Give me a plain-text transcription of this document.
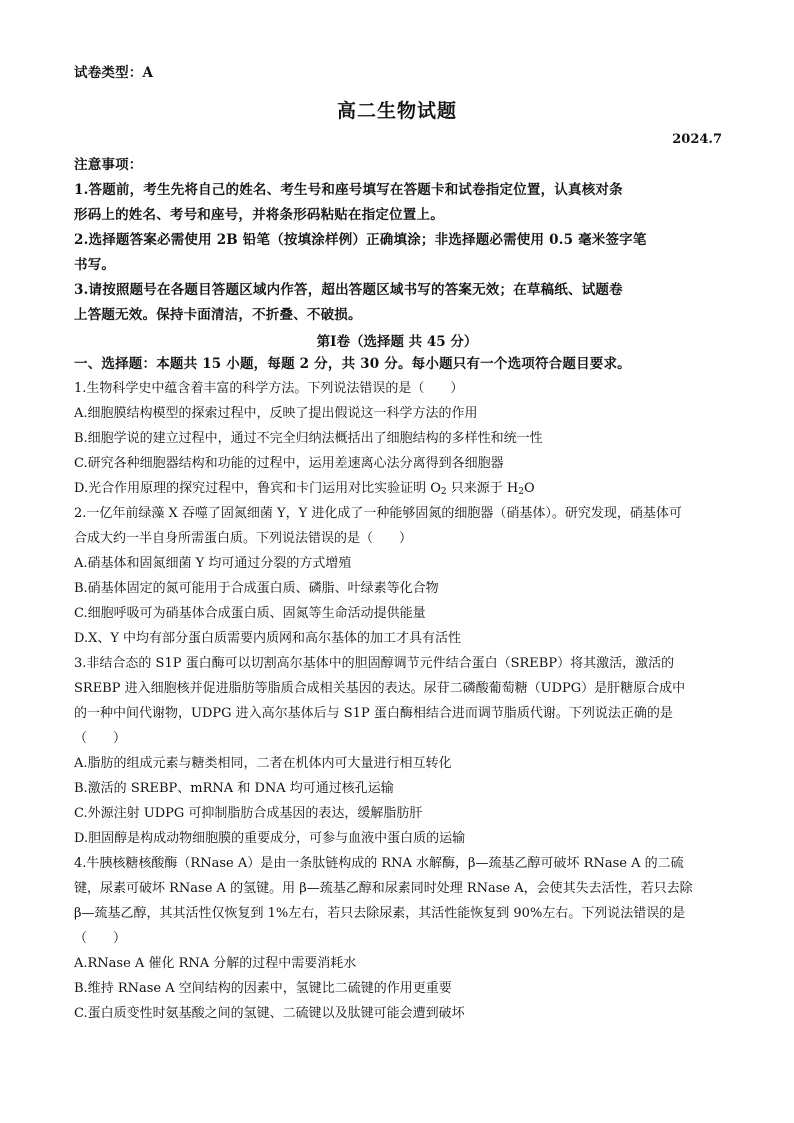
试卷类型：A
高二生物试题
2024.7
注意事项：
1.答题前，考生先将自己的姓名、考生号和座号填写在答题卡和试卷指定位置，认真核对条
形码上的姓名、考号和座号，并将条形码粘贴在指定位置上。
2.选择题答案必需使用 2B 铅笔（按填涂样例）正确填涂；非选择题必需使用 0.5 毫米签字笔
书写。
3.请按照题号在各题目答题区域内作答，超出答题区域书写的答案无效；在草稿纸、试题卷
上答题无效。保持卡面清洁，不折叠、不破损。
第Ⅰ卷（选择题 共 45 分）
一、选择题：本题共 15 小题，每题 2 分，共 30 分。每小题只有一个选项符合题目要求。
1.生物科学史中蕴含着丰富的科学方法。下列说法错误的是（　　）
A.细胞膜结构模型的探索过程中，反映了提出假说这一科学方法的作用
B.细胞学说的建立过程中，通过不完全归纳法概括出了细胞结构的多样性和统一性
C.研究各种细胞器结构和功能的过程中，运用差速离心法分离得到各细胞器
D.光合作用原理的探究过程中，鲁宾和卡门运用对比实验证明 $O_2$ 只来源于 $H_2O$
2.一亿年前绿藻 X 吞噬了固氮细菌 Y，Y 进化成了一种能够固氮的细胞器（硝基体）。研究发现，硝基体可
合成大约一半自身所需蛋白质。下列说法错误的是（　　）
A.硝基体和固氮细菌 Y 均可通过分裂的方式增殖
B.硝基体固定的氮可能用于合成蛋白质、磷脂、叶绿素等化合物
C.细胞呼吸可为硝基体合成蛋白质、固氮等生命活动提供能量
D.X、Y 中均有部分蛋白质需要内质网和高尔基体的加工才具有活性
3.非结合态的 S1P 蛋白酶可以切割高尔基体中的胆固醇调节元件结合蛋白（SREBP）将其激活，激活的
SREBP 进入细胞核并促进脂肪等脂质合成相关基因的表达。尿苷二磷酸葡萄糖（UDPG）是肝糖原合成中
的一种中间代谢物，UDPG 进入高尔基体后与 S1P 蛋白酶相结合进而调节脂质代谢。下列说法正确的是
（　　）
A.脂肪的组成元素与糖类相同，二者在机体内可大量进行相互转化
B.激活的 SREBP、mRNA 和 DNA 均可通过核孔运输
C.外源注射 UDPG 可抑制脂肪合成基因的表达，缓解脂肪肝
D.胆固醇是构成动物细胞膜的重要成分，可参与血液中蛋白质的运输
4.牛胰核糖核酸酶（RNase A）是由一条肽链构成的 RNA 水解酶，β—巯基乙醇可破坏 RNase A 的二硫
键，尿素可破坏 RNase A 的氢键。用 β—巯基乙醇和尿素同时处理 RNase A，会使其失去活性，若只去除
β—巯基乙醇，其其活性仅恢复到 1%左右，若只去除尿素，其活性能恢复到 90%左右。下列说法错误的是
（　　）
A.RNase A 催化 RNA 分解的过程中需要消耗水
B.维持 RNase A 空间结构的因素中，氢键比二硫键的作用更重要
C.蛋白质变性时氨基酸之间的氢键、二硫键以及肽键可能会遭到破坏
